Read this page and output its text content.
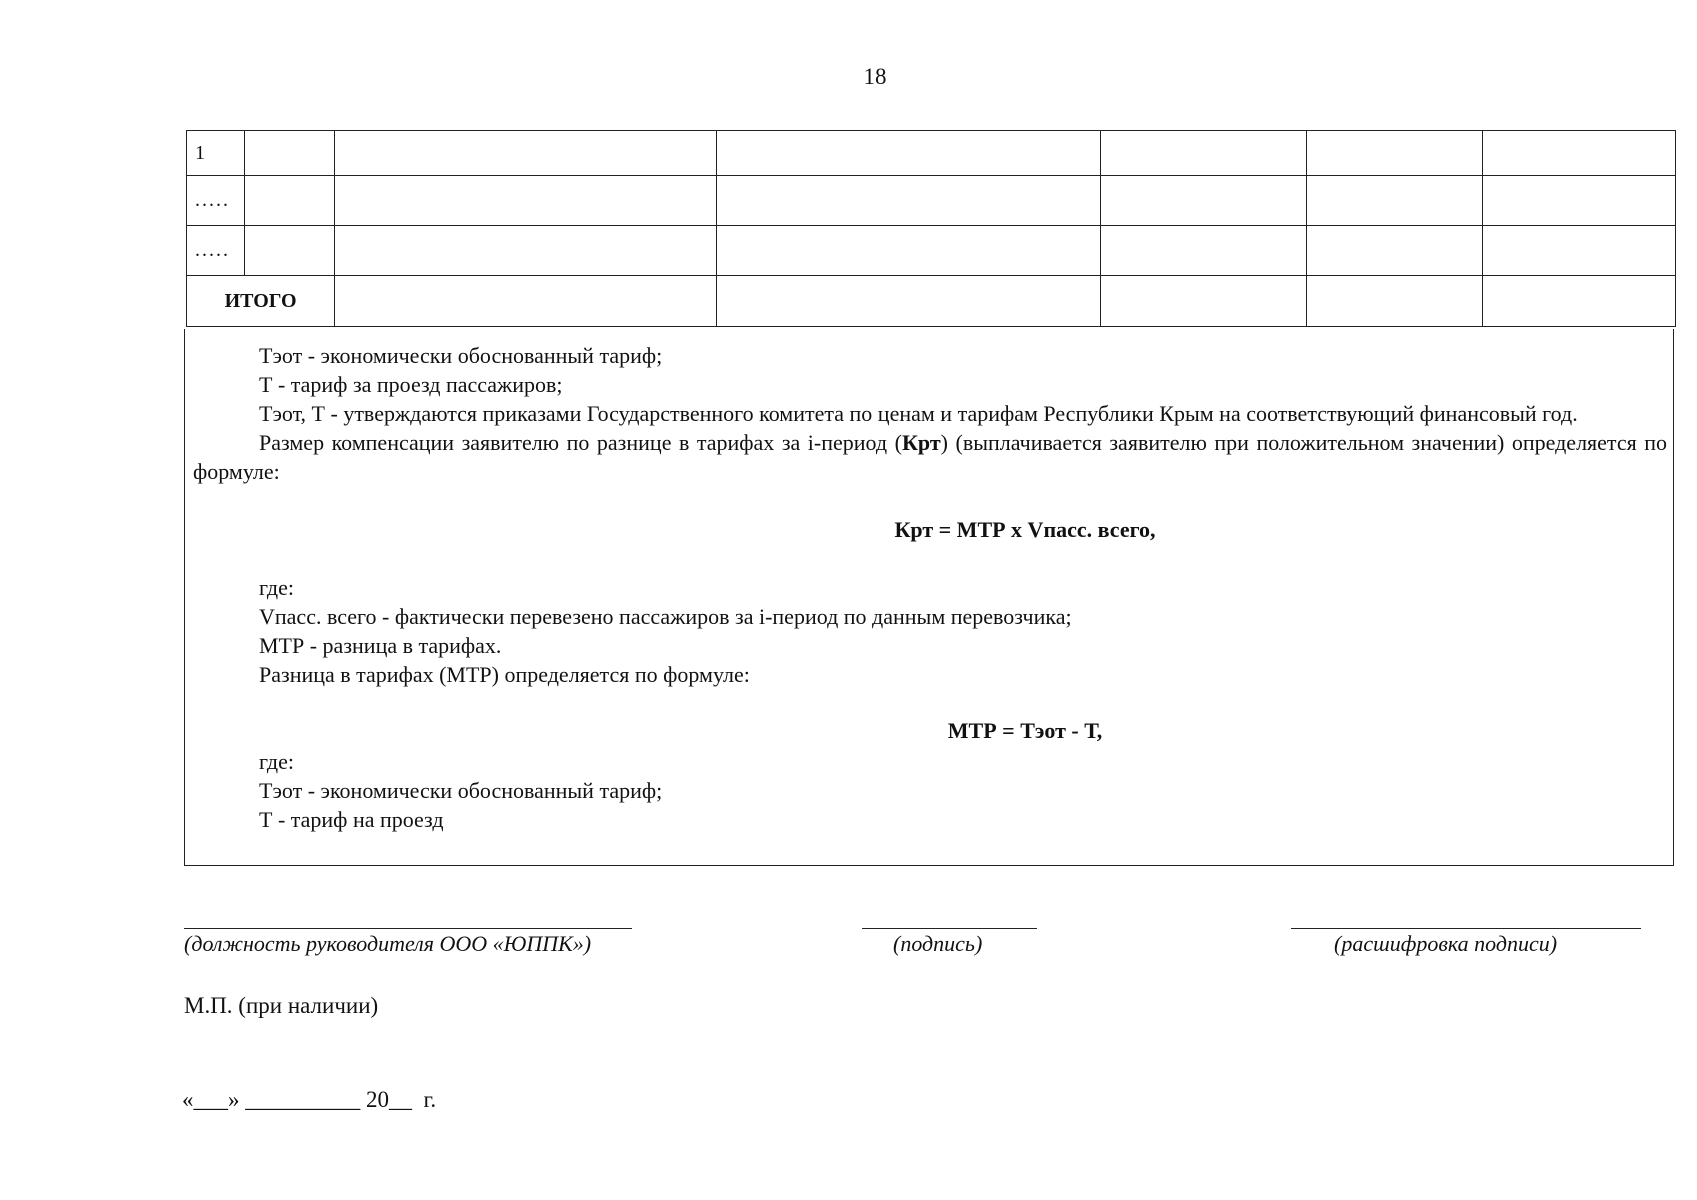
18
1						
.....						
.....						
ИТОГО						

Тэот - экономически обоснованный тариф;

Т - тариф за проезд пассажиров;

Тэот, Т - утверждаются приказами Государственного комитета по ценам и тарифам Республики Крым на соответствующий финансовый год.

Размер компенсации заявителю по разнице в тарифах за i-период (Крт) (выплачивается заявителю при положительном значении) определяется по формуле:

Крт = МТР х Vпасс. всего,

где:

Vпасс. всего - фактически перевезено пассажиров за i-период по данным перевозчика;

МТР - разница в тарифах.

Разница в тарифах (МТР) определяется по формуле:

МТР = Тэот - Т,

где:

Тэот - экономически обоснованный тариф;

Т - тариф на проезд

(должность руководителя ООО «ЮППК»)	(подпись)	(расшифровка подписи)
М.П. (при наличии)
«___» __________ 20__  г.
